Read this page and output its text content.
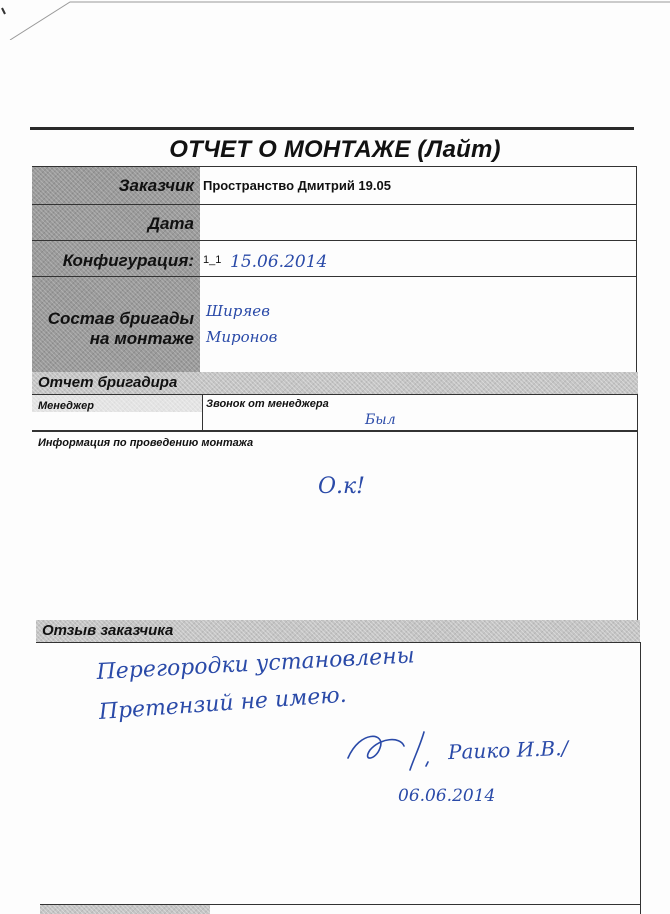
ОТЧЕТ О МОНТАЖЕ (Лайт)
Заказчик Пространство Дмитрий 19.05
Дата
Конфигурация: 1_1 15.06.2014
Состав бригады
на монтаже
Ширяев
Миронов
Отчет бригадира
Менеджер	Звонок от менеджера
Был
Информация по проведению монтажа
О.к!
Отзыв заказчика
Перегородки установлены
Претензий не имею.
Раико И.В./
06.06.2014
